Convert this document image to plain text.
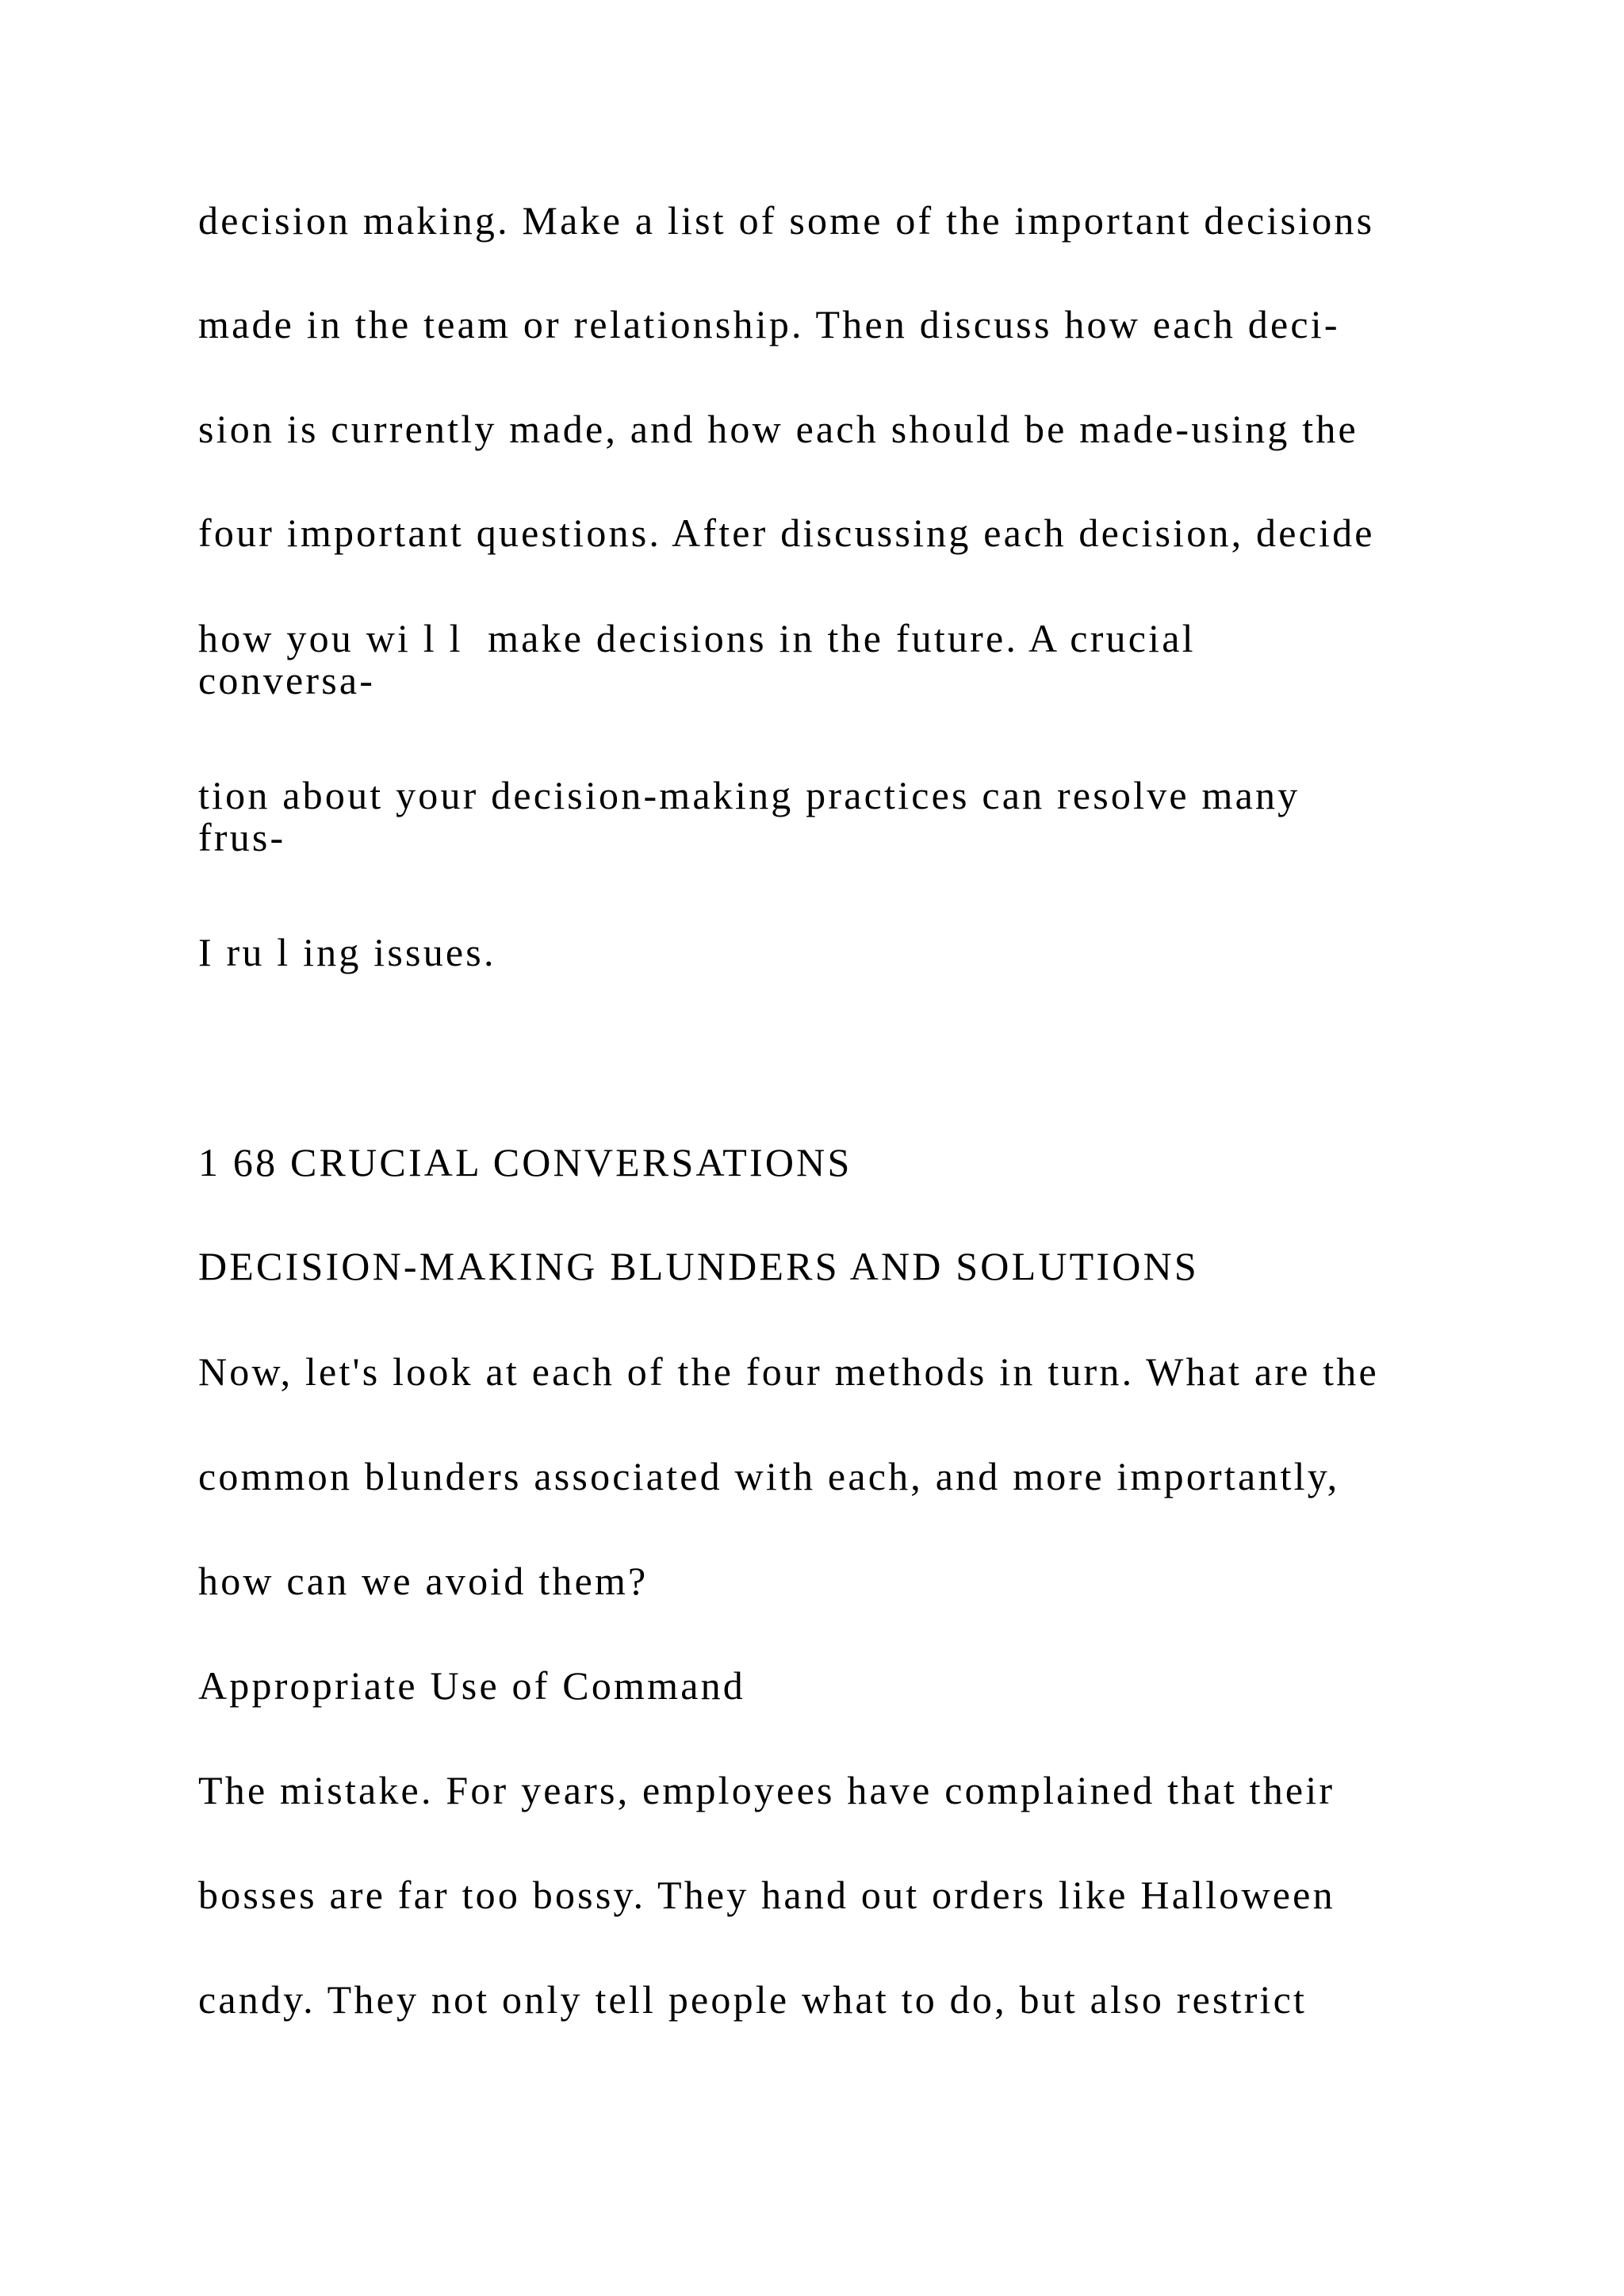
decision making. Make a list of some of the important decisions
made in the team or relationship. Then discuss how each deci-
sion is currently made, and how each should be made-using the
four important questions. After discussing each decision, decide
how you wi l l  make decisions in the future. A crucial
conversa-
tion about your decision-making practices can resolve many
frus-
I ru l ing issues.
1 68 CRUCIAL CONVERSATIONS
DECISION-MAKING BLUNDERS AND SOLUTIONS
Now, let's look at each of the four methods in turn. What are the
common blunders associated with each, and more importantly,
how can we avoid them?
Appropriate Use of Command
The mistake. For years, employees have complained that their
bosses are far too bossy. They hand out orders like Halloween
candy. They not only tell people what to do, but also restrict
